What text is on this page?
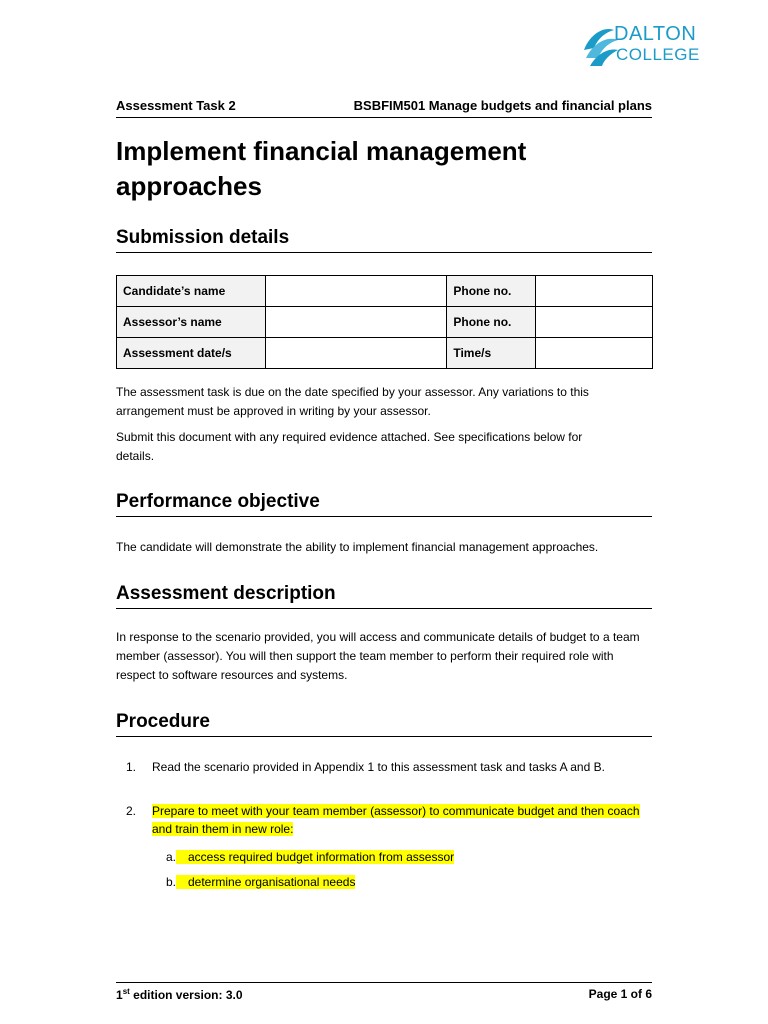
DALTON
COLLEGE
Assessment Task 2	BSBFIM501 Manage budgets and financial plans
Implement financial management approaches
Submission details
Candidate’s name		Phone no.	
Assessor’s name		Phone no.	
Assessment date/s		Time/s	

The assessment task is due on the date specified by your assessor. Any variations to this arrangement must be approved in writing by your assessor.

Submit this document with any required evidence attached. See specifications below for details.

Performance objective

The candidate will demonstrate the ability to implement financial management approaches.

Assessment description

In response to the scenario provided, you will access and communicate details of budget to a team member (assessor). You will then support the team member to perform their required role with respect to software resources and systems.

Procedure
1. Read the scenario provided in Appendix 1 to this assessment task and tasks A and B.
2. Prepare to meet with your team member (assessor) to communicate budget and then coach and train them in new role:
a.	access required budget information from assessor
b.	determine organisational needs
1st edition version: 3.0	Page 1 of 6
